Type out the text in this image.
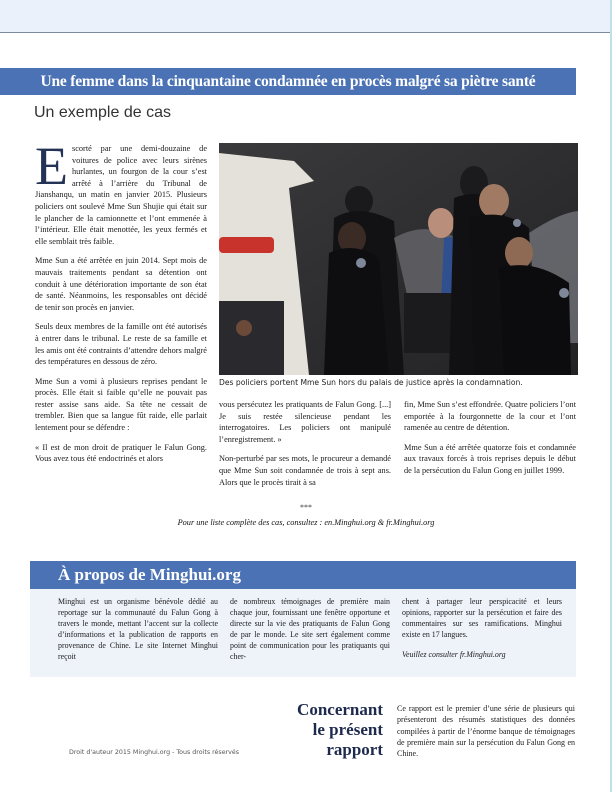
Une femme dans la cinquantaine condamnée en procès malgré sa piètre santé
Un exemple de cas
E scorté par une demi-douzaine de voitures de police avec leurs sirènes hurlantes, un fourgon de la cour s’est arrêté à l’arrière du Tribunal de Jianshanqu, un matin en janvier 2015. Plusieurs policiers ont soulevé Mme Sun Shujie qui était sur le plancher de la camionnette et l’ont emmenée à l’intérieur. Elle était menottée, les yeux fermés et elle semblait très faible.

Mme Sun a été arrêtée en juin 2014. Sept mois de mauvais traitements pendant sa détention ont conduit à une détérioration importante de son état de santé. Néanmoins, les responsables ont décidé de tenir son procès en janvier.

Seuls deux membres de la famille ont été autorisés à entrer dans le tribunal. Le reste de sa famille et les amis ont été contraints d’attendre dehors malgré des températures en dessous de zéro.

Mme Sun a vomi à plusieurs reprises pendant le procès. Elle était si faible qu’elle ne pouvait pas rester assise sans aide. Sa tête ne cessait de trembler. Bien que sa langue fût raide, elle parlait lentement pour se défendre :

« Il est de mon droit de pratiquer le Falun Gong. Vous avez tous été endoctrinés et alors

Des policiers portent Mme Sun hors du palais de justice après la condamnation.

vous persécutez les pratiquants de Falun Gong. [...] Je suis restée silencieuse pendant les interrogatoires. Les policiers ont manipulé l’enregistrement. »

Non-perturbé par ses mots, le procureur a demandé que Mme Sun soit condamnée de trois à sept ans. Alors que le procès tirait à sa

fin, Mme Sun s’est effondrée. Quatre policiers l’ont emportée à la fourgonnette de la cour et l’ont ramenée au centre de détention.

Mme Sun a été arrêtée quatorze fois et condamnée aux travaux forcés à trois reprises depuis le début de la persécution du Falun Gong en juillet 1999.

***
Pour une liste complète des cas, consultez : en.Minghui.org & fr.Minghui.org
À propos de Minghui.org

Minghui est un organisme bénévole dédié au reportage sur la communauté du Falun Gong à travers le monde, mettant l’accent sur la collecte d’informations et la publication de rapports en provenance de Chine. Le site Internet Minghui reçoit

de nombreux témoignages de première main chaque jour, fournissant une fenêtre opportune et directe sur la vie des pratiquants de Falun Gong de par le monde. Le site sert également comme point de communication pour les pratiquants qui cher-

chent à partager leur perspicacité et leurs opinions, rapporter sur la persécution et faire des commentaires sur ses ramifications. Minghui existe en 17 langues.

Veuillez consulter fr.Minghui.org

Concernant
le présent
rapport
Ce rapport est le premier d’une série de plusieurs qui présenteront des résumés statistiques des données compilées à partir de l’énorme banque de témoignages de première main sur la persécution du Falun Gong en Chine.
Droit d'auteur 2015 Minghui.org - Tous droits réservés
